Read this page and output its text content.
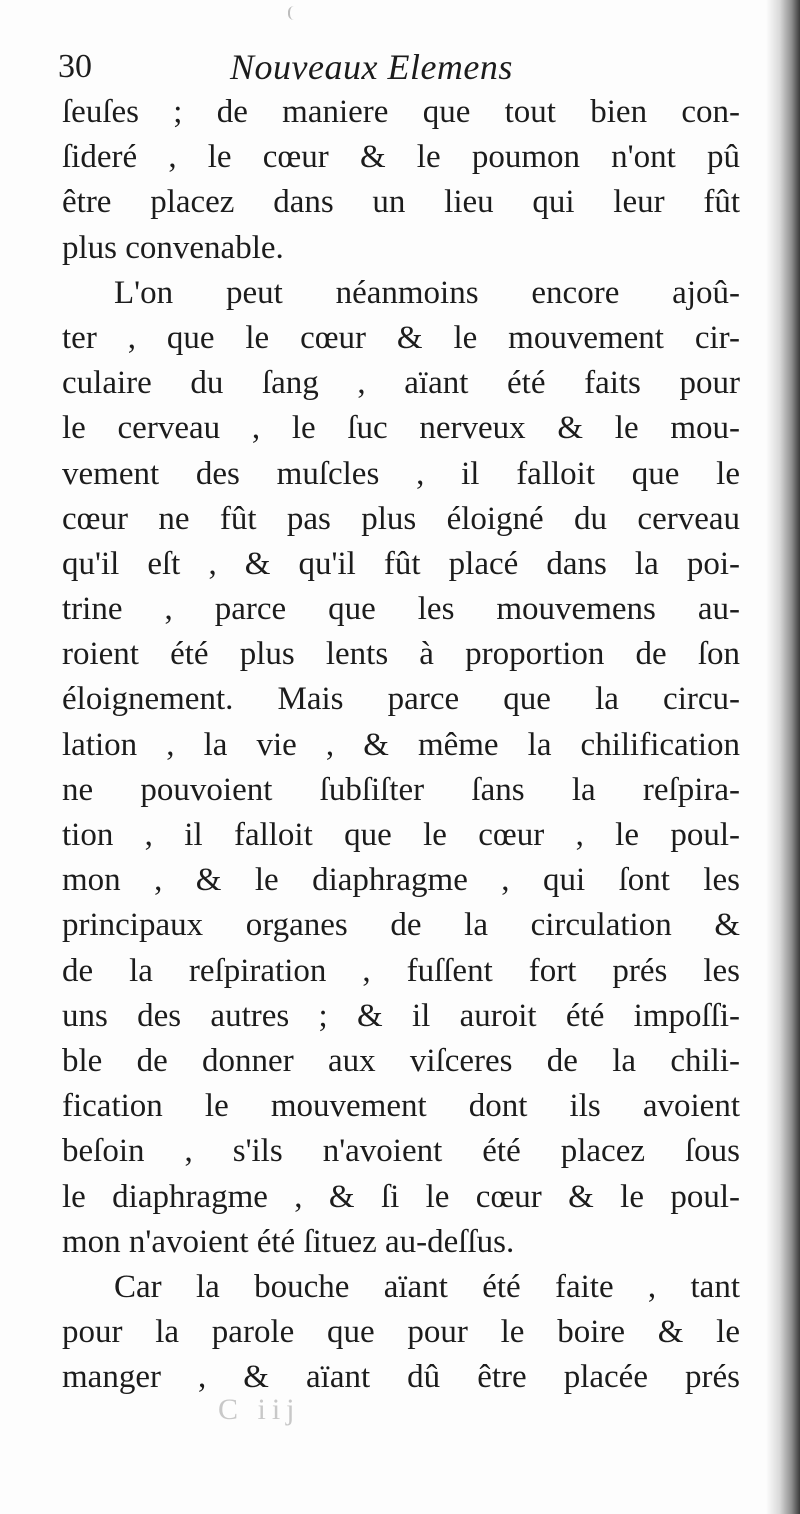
30	Nouveaux Elemens
ſeuſes ; de maniere que tout bien con-
ſideré , le cœur & le poumon n'ont pû
être placez dans un lieu qui leur fût
plus convenable.
L'on peut néanmoins encore ajoû-
ter , que le cœur & le mouvement cir-
culaire du ſang , aïant été faits pour
le cerveau , le ſuc nerveux & le mou-
vement des muſcles , il falloit que le
cœur ne fût pas plus éloigné du cerveau
qu'il eſt , & qu'il fût placé dans la poi-
trine , parce que les mouvemens au-
roient été plus lents à proportion de ſon
éloignement. Mais parce que la circu-
lation , la vie , & même la chilification
ne pouvoient ſubſiſter ſans la reſpira-
tion , il falloit que le cœur , le poul-
mon , & le diaphragme , qui ſont les
principaux organes de la circulation &
de la reſpiration , fuſſent fort prés les
uns des autres ; & il auroit été impoſſi-
ble de donner aux viſceres de la chili-
fication le mouvement dont ils avoient
beſoin , s'ils n'avoient été placez ſous
le diaphragme , & ſi le cœur & le poul-
mon n'avoient été ſituez au-deſſus.
Car la bouche aïant été faite , tant
pour la parole que pour le boire & le
manger , & aïant dû être placée prés
C iij
